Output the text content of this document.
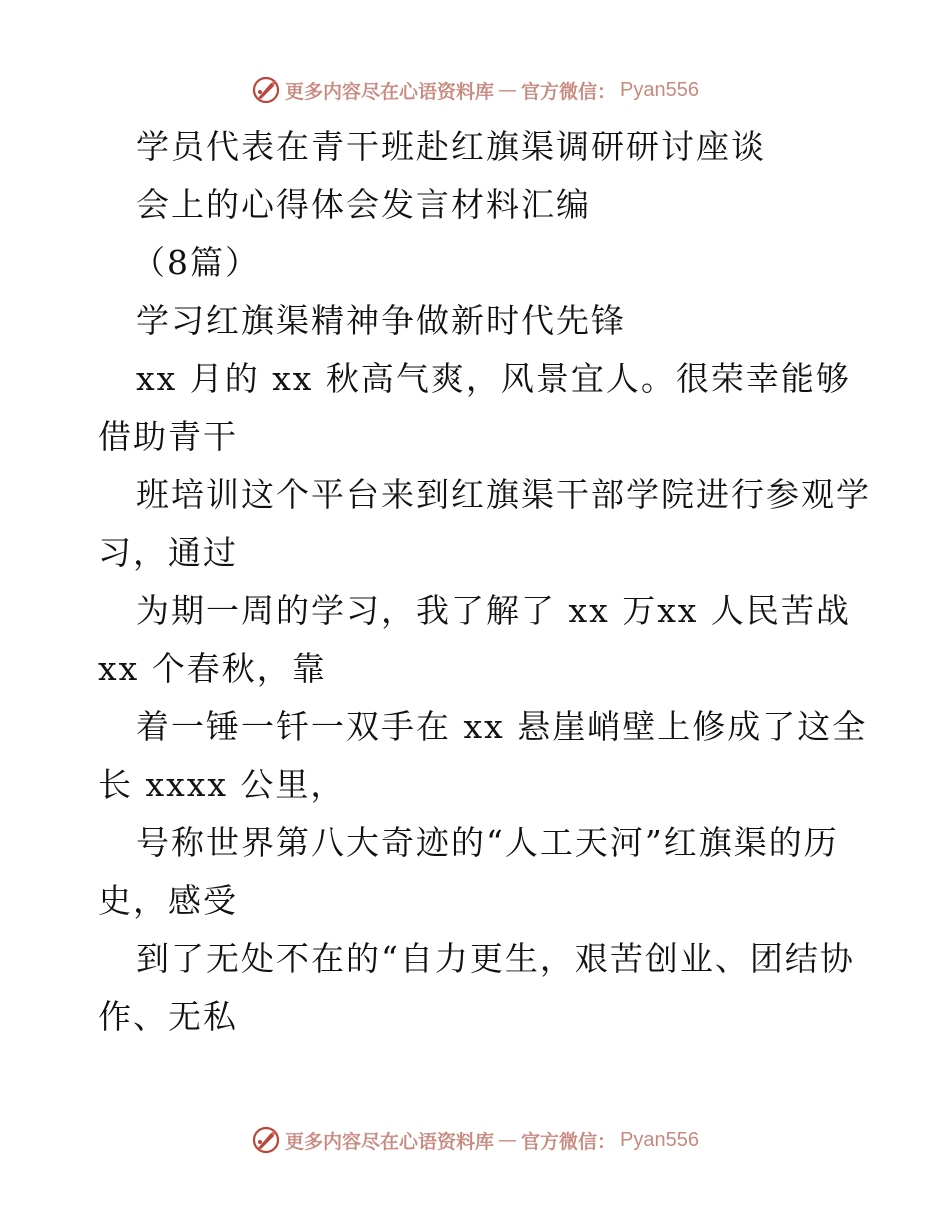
更多内容尽在心语资料库 — 官方微信： Pyan556
学员代表在青干班赴红旗渠调研研讨座谈
会上的心得体会发言材料汇编
（8篇）
学习红旗渠精神争做新时代先锋
xx 月的 xx 秋高气爽，风景宜人。很荣幸能够
借助青干
班培训这个平台来到红旗渠干部学院进行参观学
习，通过
为期一周的学习，我了解了 xx 万xx 人民苦战
xx 个春秋，靠
着一锤一钎一双手在 xx 悬崖峭壁上修成了这全
长 xxxx 公里，
号称世界第八大奇迹的“人工天河”红旗渠的历
史，感受
到了无处不在的“自力更生，艰苦创业、团结协
作、无私
更多内容尽在心语资料库 — 官方微信： Pyan556
